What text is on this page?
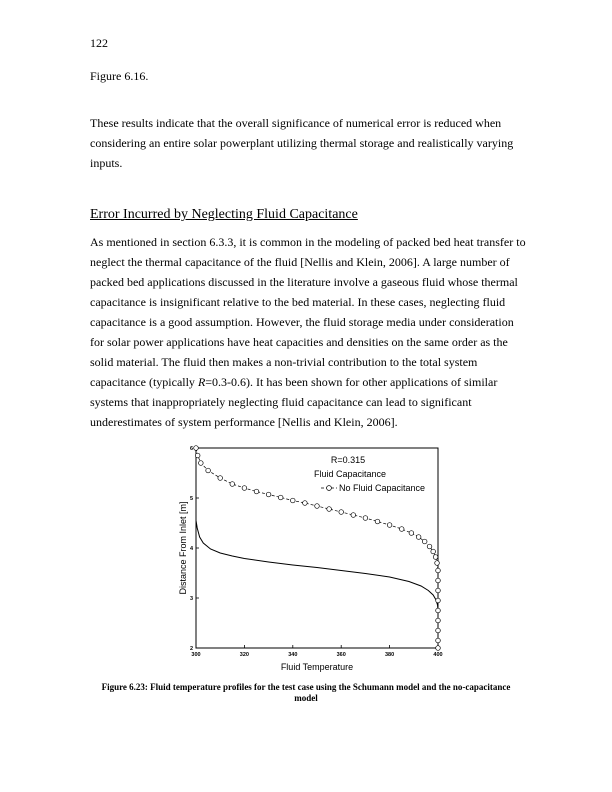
122
Figure 6.16.

These results indicate that the overall significance of numerical error is reduced when considering an entire solar powerplant utilizing thermal storage and realistically varying inputs.

Error Incurred by Neglecting Fluid Capacitance

As mentioned in section 6.3.3, it is common in the modeling of packed bed heat transfer to neglect the thermal capacitance of the fluid [Nellis and Klein, 2006]. A large number of packed bed applications discussed in the literature involve a gaseous fluid whose thermal capacitance is insignificant relative to the bed material. In these cases, neglecting fluid capacitance is a good assumption. However, the fluid storage media under consideration for solar power applications have heat capacities and densities on the same order as the solid material. The fluid then makes a non-trivial contribution to the total system capacitance (typically R=0.3-0.6). It has been shown for other applications of similar systems that inappropriately neglecting fluid capacitance can lead to significant underestimates of system performance [Nellis and Klein, 2006].

300	320	340	360	380	400
2
3
4
5
6
Distance From Inlet [m]
Fluid Temperature
R=0.315
Fluid Capacitance
No Fluid Capacitance
Figure 6.23: Fluid temperature profiles for the test case using the Schumann model and the no-capacitance model
